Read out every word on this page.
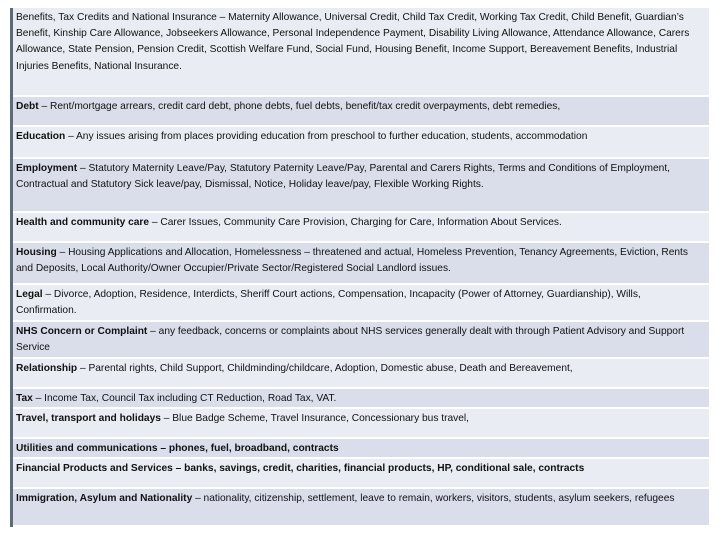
Benefits, Tax Credits and National Insurance – Maternity Allowance, Universal Credit, Child Tax Credit, Working Tax Credit, Child Benefit, Guardian’s Benefit, Kinship Care Allowance, Jobseekers Allowance, Personal Independence Payment, Disability Living Allowance, Attendance Allowance, Carers Allowance, State Pension, Pension Credit, Scottish Welfare Fund, Social Fund, Housing Benefit, Income Support, Bereavement Benefits, Industrial Injuries Benefits, National Insurance.
Debt – Rent/mortgage arrears, credit card debt, phone debts, fuel debts, benefit/tax credit overpayments, debt remedies,
Education – Any issues arising from places providing education from preschool to further education, students, accommodation
Employment – Statutory Maternity Leave/Pay, Statutory Paternity Leave/Pay, Parental and Carers Rights, Terms and Conditions of Employment, Contractual and Statutory Sick leave/pay, Dismissal, Notice, Holiday leave/pay, Flexible Working Rights.
Health and community care – Carer Issues, Community Care Provision, Charging for Care, Information About Services.
Housing – Housing Applications and Allocation, Homelessness – threatened and actual, Homeless Prevention, Tenancy Agreements, Eviction, Rents and Deposits, Local Authority/Owner Occupier/Private Sector/Registered Social Landlord issues.
Legal – Divorce, Adoption, Residence, Interdicts, Sheriff Court actions, Compensation, Incapacity (Power of Attorney, Guardianship), Wills, Confirmation.
NHS Concern or Complaint – any feedback, concerns or complaints about NHS services generally dealt with through Patient Advisory and Support Service
Relationship – Parental rights, Child Support, Childminding/childcare, Adoption, Domestic abuse, Death and Bereavement,
Tax – Income Tax, Council Tax including CT Reduction, Road Tax, VAT.
Travel, transport and holidays – Blue Badge Scheme, Travel Insurance, Concessionary bus travel,
Utilities and communications – phones, fuel, broadband, contracts
Financial Products and Services – banks, savings, credit, charities, financial products, HP, conditional sale, contracts
Immigration, Asylum and Nationality – nationality, citizenship, settlement, leave to remain, workers, visitors, students, asylum seekers, refugees
